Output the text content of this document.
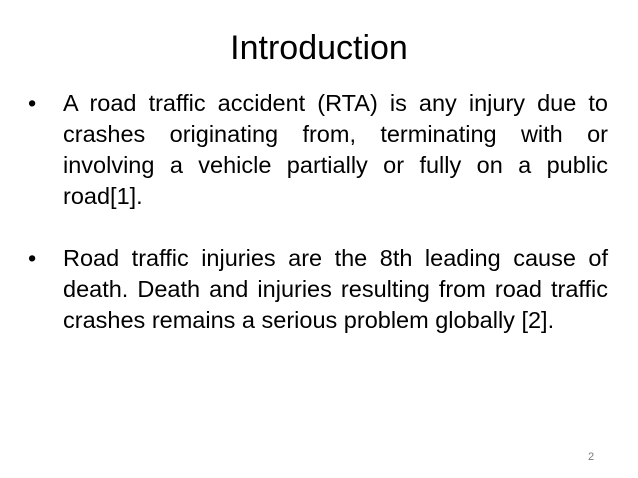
Introduction
•	A road traffic accident (RTA) is any injury due to crashes originating from, terminating with or involving a vehicle partially or fully on a public road[1].
•	Road traffic injuries are the 8th leading cause of death. Death and injuries resulting from road traffic crashes remains a serious problem globally [2].
2
